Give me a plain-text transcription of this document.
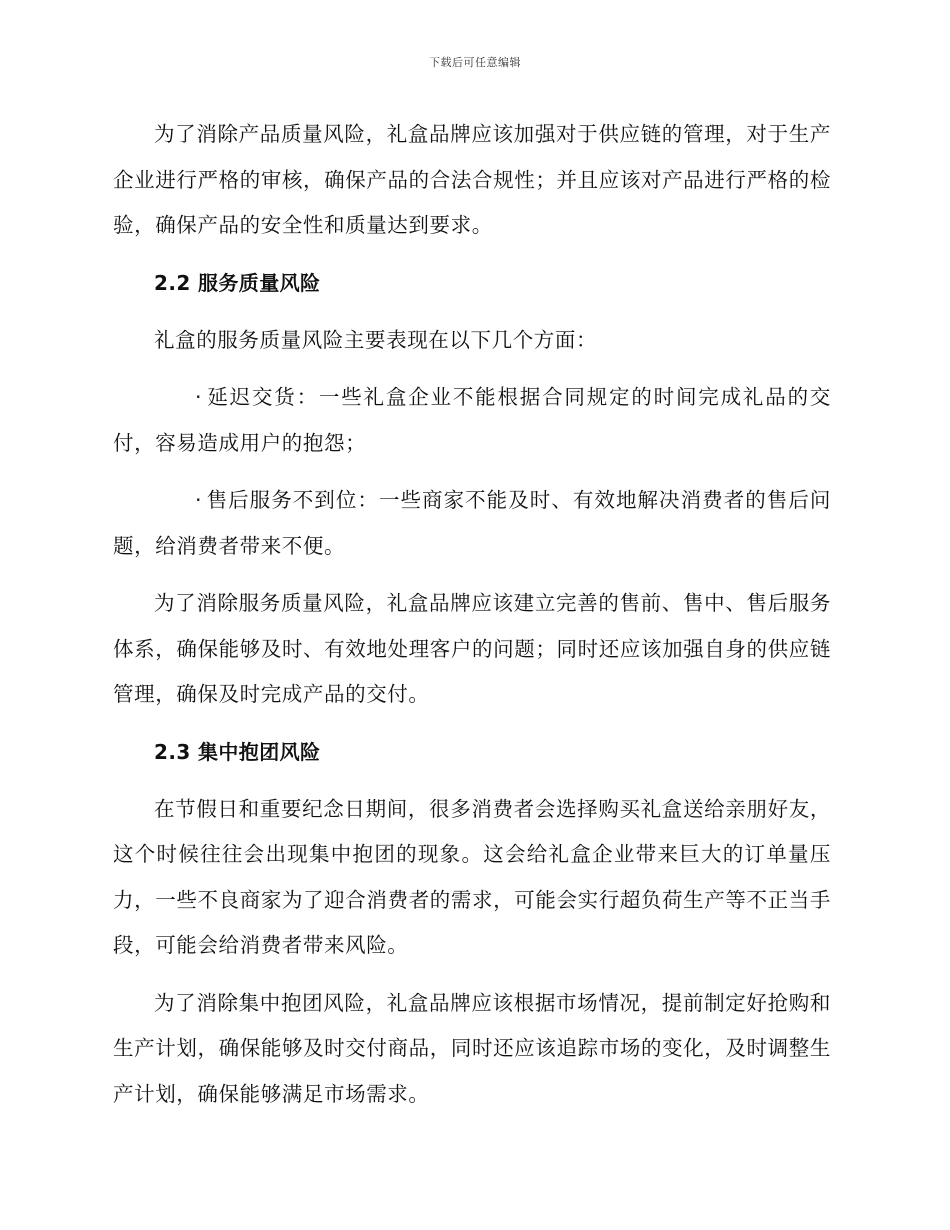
下载后可任意编辑

为了消除产品质量风险，礼盒品牌应该加强对于供应链的管理，对于生产企业进行严格的审核，确保产品的合法合规性；并且应该对产品进行严格的检验，确保产品的安全性和质量达到要求。

2.2 服务质量风险

礼盒的服务质量风险主要表现在以下几个方面：

· 延迟交货：一些礼盒企业不能根据合同规定的时间完成礼品的交付，容易造成用户的抱怨；

· 售后服务不到位：一些商家不能及时、有效地解决消费者的售后问题，给消费者带来不便。

为了消除服务质量风险，礼盒品牌应该建立完善的售前、售中、售后服务体系，确保能够及时、有效地处理客户的问题；同时还应该加强自身的供应链管理，确保及时完成产品的交付。

2.3 集中抱团风险

在节假日和重要纪念日期间，很多消费者会选择购买礼盒送给亲朋好友，这个时候往往会出现集中抱团的现象。这会给礼盒企业带来巨大的订单量压力，一些不良商家为了迎合消费者的需求，可能会实行超负荷生产等不正当手段，可能会给消费者带来风险。

为了消除集中抱团风险，礼盒品牌应该根据市场情况，提前制定好抢购和生产计划，确保能够及时交付商品，同时还应该追踪市场的变化，及时调整生产计划，确保能够满足市场需求。
